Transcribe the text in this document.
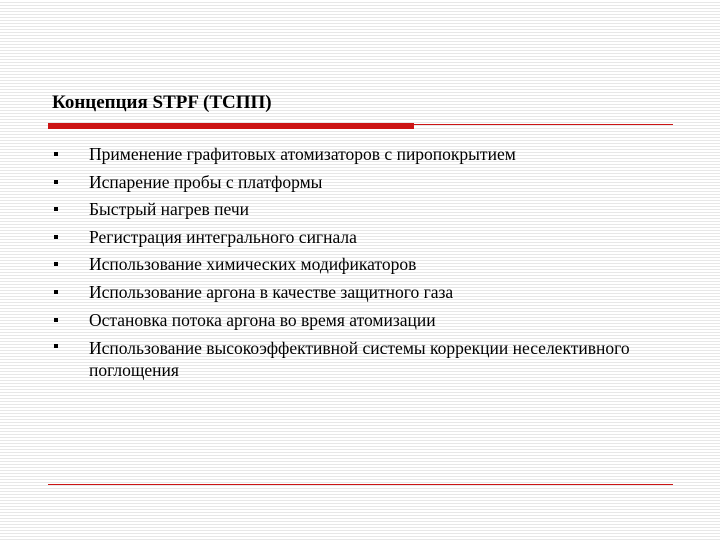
Концепция STPF (ТСПП)
Применение графитовых атомизаторов с пиропокрытием
Испарение пробы с платформы
Быстрый нагрев печи
Регистрация интегрального сигнала
Использование химических модификаторов
Использование аргона в качестве защитного газа
Остановка потока аргона во время атомизации
Использование высокоэффективной системы коррекции неселективного поглощения
